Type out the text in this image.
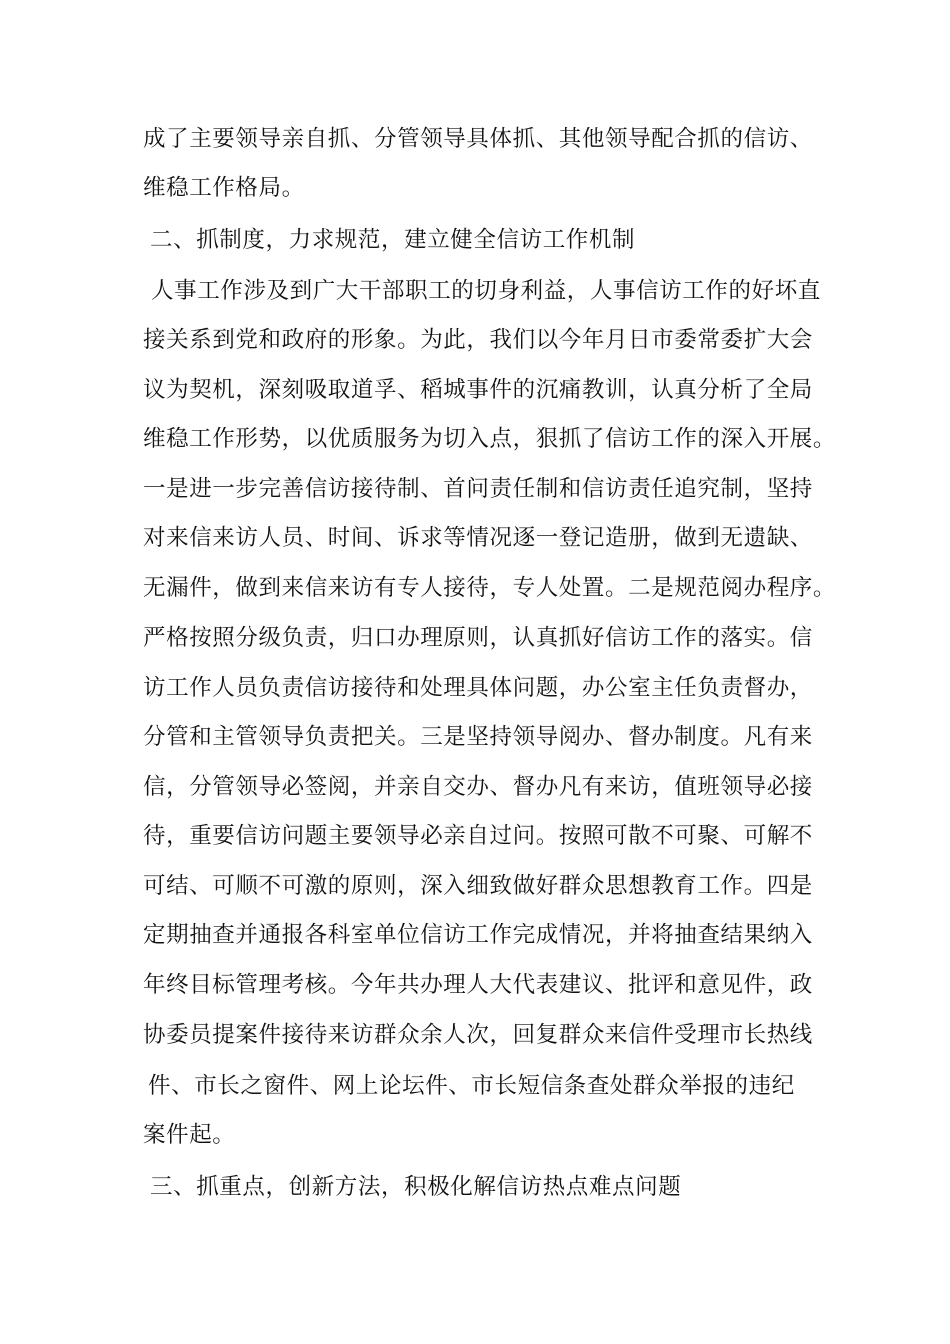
成了主要领导亲自抓、分管领导具体抓、其他领导配合抓的信访、
维稳工作格局。
二、抓制度，力求规范，建立健全信访工作机制
人事工作涉及到广大干部职工的切身利益，人事信访工作的好坏直
接关系到党和政府的形象。为此，我们以今年月日市委常委扩大会
议为契机，深刻吸取道孚、稻城事件的沉痛教训，认真分析了全局
维稳工作形势，以优质服务为切入点，狠抓了信访工作的深入开展。
一是进一步完善信访接待制、首问责任制和信访责任追究制，坚持
对来信来访人员、时间、诉求等情况逐一登记造册，做到无遗缺、
无漏件，做到来信来访有专人接待，专人处置。二是规范阅办程序。
严格按照分级负责，归口办理原则，认真抓好信访工作的落实。信
访工作人员负责信访接待和处理具体问题，办公室主任负责督办，
分管和主管领导负责把关。三是坚持领导阅办、督办制度。凡有来
信，分管领导必签阅，并亲自交办、督办凡有来访，值班领导必接
待，重要信访问题主要领导必亲自过问。按照可散不可聚、可解不
可结、可顺不可激的原则，深入细致做好群众思想教育工作。四是
定期抽查并通报各科室单位信访工作完成情况，并将抽查结果纳入
年终目标管理考核。今年共办理人大代表建议、批评和意见件，政
协委员提案件接待来访群众余人次，回复群众来信件受理市长热线
件、市长之窗件、网上论坛件、市长短信条查处群众举报的违纪
案件起。
三、抓重点，创新方法，积极化解信访热点难点问题
